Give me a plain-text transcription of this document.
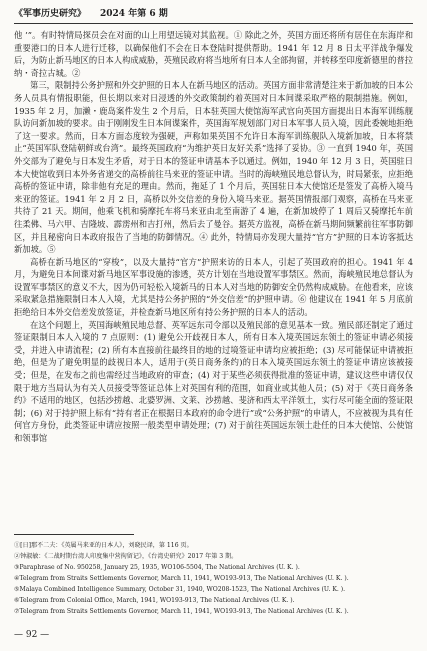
《军事历史研究》 2024 年第 6 期

他 ’”。有时特情局探员会在对面的山上用望远镜对其监视。① 除此之外，英国方面还将所有居住在东海岸和重要港口的日本人进行迁移，以确保他们不会在日本登陆时提供帮助。1941 年 12 月 8 日太平洋战争爆发后，为防止新马地区的日本人构成威胁，英殖民政府将当地所有日本人全部拘留，并转移至印度新德里的普拉纳・奇拉古城。②

第三，限制持公务护照和外交护照的日本人在新马地区的活动。英国方面非常清楚注来于新加坡的日本公务人员具有情报职能，但长期以来对日浸透的外交政策制约着英国对日本间谍采取严格的限制措施。例如，1935 年 2 月，加濑・鹿岛案件发生 2 个月后，日本驻英国大使馆海军武官向英国方面提出日本海军训练舰队访问新加坡的要求。由于刚刚发生日本间谍案件，英国海军规划部门对日本军事人员入境，因此委婉地拒绝了这一要求。然而，日本方面态度较为强硬，声称如果英国不允许日本海军训练舰队入境新加坡，日本将禁止“英国军队登陆朝鲜或台湾”。最终英国政府“为维护英日友好关系”选择了妥协。③ 一直到 1940 年，英国外交部为了避免与日本发生矛盾，对于日本的签证申请基本予以通过。例如，1940 年 12 月 3 日，英国驻日本大使馆收到日本外务省递交的高桥前往马来亚的签证申请。当时的海峡殖民地总督认为，时局紧张，应拒绝高桥的签证申请，除非他有充足的理由。然而，拖延了 1 个月后，英国驻日本大使馆还是签发了高桥入境马来亚的签证。1941 年 2 月 2 日，高桥以外交信差的身份入境马来亚。据英国情报部门观察，高桥在马来亚共待了 21 天。期间，他乘飞机和骑摩托车将马来亚由北至南游了 4 遍，在新加坡停了 1 周后又骑摩托车前往柔佛、马六甲、吉隆坡、霹雳州和吉打州，然后去了曼谷。据英方监视，高桥在新马期间频繁前往军事防御区，并且秘密向日本政府报告了当地的防御情况。④ 此外，特情局亦发现大量持“官方”护照的日本访客抵达新加坡。⑤

高桥在新马地区的“穿梭”，以及大量持“官方”护照来访的日本人，引起了英国政府的担心。1941 年 4 月，为避免日本间谍对新马地区军事设施的渗透，英方计划在当地设置军事禁区。然而，海峡殖民地总督认为设置军事禁区的意义不大，因为仍可轻松入境新马的日本人对当地的防御安全仍然构成威胁。在他看来，应该采取紧急措施限制日本人入境，尤其是持公务护照的“外交信差”的护照申请。⑥ 他建议在 1941 年 5 月底前拒绝给日本外交信差发放签证，并检查新马地区所有持公务护照的日本人的活动。

在这个问题上，英国海峡殖民地总督、英军远东司令部以及殖民部的意见基本一致。殖民部还制定了通过签证限制日本人入境的 7 点原则：(1) 避免公开歧视日本人，所有日本入境英国远东领土的签证申请必须接受，并进入申请流程；(2) 所有本直接前往最终目的地的过境签证申请均应被拒绝；(3) 尽可能保证申请被拒绝，但是为了避免明显的歧视日本人，适用于(英日商务条约)的日本入境英国远东领土的签证申请应该被接受；但是，在发布之前也需经过当地政府的审查；(4) 对于某些必须获得批准的签证申请，建议这些申请仅仅限于地方当局认为有关人员接受等签证总体上对英国有利的范围，如商业或其他人员；(5) 对于《英日商务条约》不适用的地区，包括沙捞越、北婆罗洲、文莱、沙捞越、斐济和西太平洋领土，实行尽可能全面的签证限制；(6) 对于持护照上标有“持有者正在根据日本政府的命令进行”或“公务护照”的申请人，不应被视为具有任何官方身份，此类签证申请应按照一般类型申请处理；(7) 对于前往英国远东领土赴任的日本大使馆、公使馆和领事馆

①[日]那不二夫：《英属马来亚的日本人》，刘晓民译，第 116 页。
②钟淑敏：《二战时期台湾人印度集中营拘留记》，《台湾史研究》2017 年第 3 期。
③Paraphrase of No. 950258, January 25, 1935, WO106-5504, The National Archives (U. K. ).
④Telegram from Straits Settlements Governor, March 11, 1941, WO193-913, The National Archives (U. K. ).
⑤Malaya Combined Intelligence Summary, October 31, 1940, WO208-1523, The National Archives (U. K. ).
⑥Telegram from Colonial Office, March, 1941, WO193-913, The National Archives (U. K. ).
⑦Telegram from Straits Settlements Governor, March 11, 1941, WO193-913, The National Archives (U. K. ).
— 92 —
